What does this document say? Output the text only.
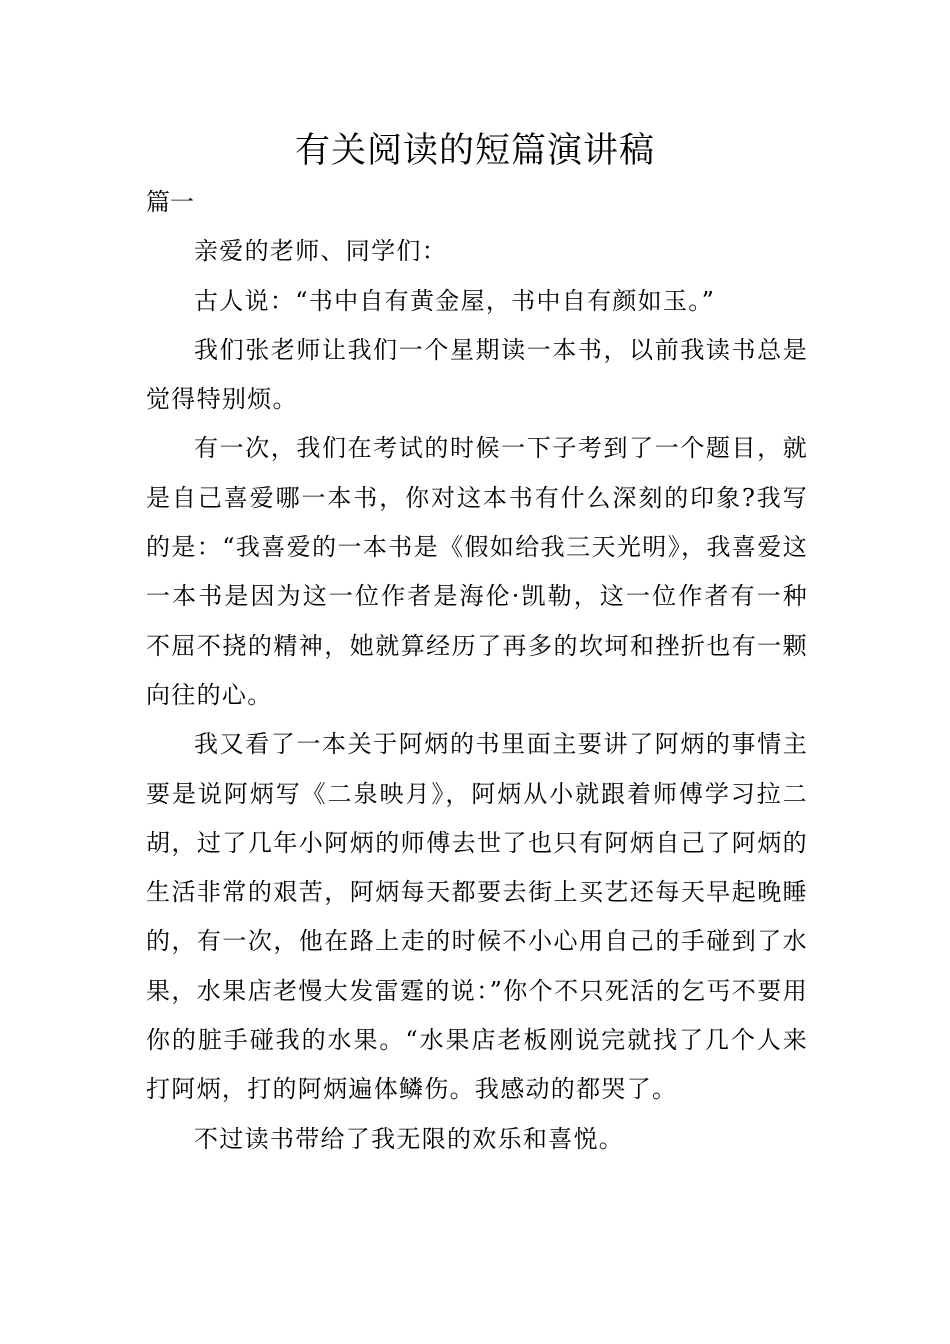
有关阅读的短篇演讲稿

篇一

亲爱的老师、同学们：

古人说：“书中自有黄金屋，书中自有颜如玉。”

我们张老师让我们一个星期读一本书，以前我读书总是觉得特别烦。

有一次，我们在考试的时候一下子考到了一个题目，就是自己喜爱哪一本书，你对这本书有什么深刻的印象?我写的是：“我喜爱的一本书是《假如给我三天光明》，我喜爱这一本书是因为这一位作者是海伦·凯勒，这一位作者有一种不屈不挠的精神，她就算经历了再多的坎坷和挫折也有一颗向往的心。

我又看了一本关于阿炳的书里面主要讲了阿炳的事情主要是说阿炳写《二泉映月》，阿炳从小就跟着师傅学习拉二胡，过了几年小阿炳的师傅去世了也只有阿炳自己了阿炳的生活非常的艰苦，阿炳每天都要去街上买艺还每天早起晚睡的，有一次，他在路上走的时候不小心用自己的手碰到了水果，水果店老慢大发雷霆的说：”你个不只死活的乞丐不要用你的脏手碰我的水果。“水果店老板刚说完就找了几个人来打阿炳，打的阿炳遍体鳞伤。我感动的都哭了。

不过读书带给了我无限的欢乐和喜悦。
